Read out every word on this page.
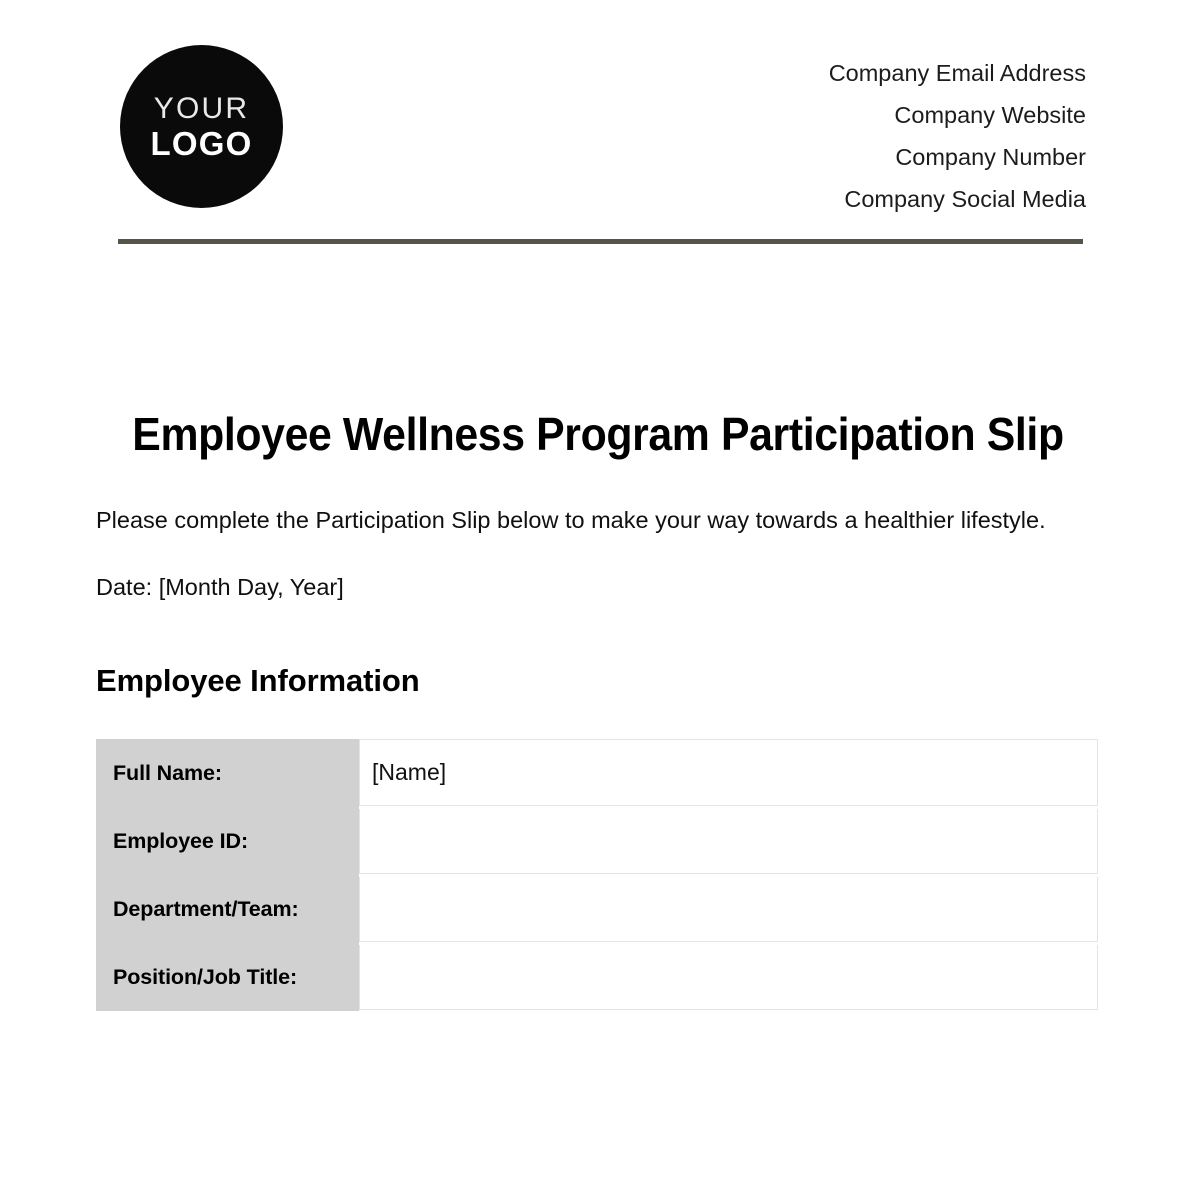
YOUR
LOGO
Company Email Address
Company Website
Company Number
Company Social Media
Employee Wellness Program Participation Slip

Please complete the Participation Slip below to make your way towards a healthier lifestyle.

Date: [Month Day, Year]

Employee Information
Full Name:	[Name]
Employee ID:
Department/Team:
Position/Job Title:
